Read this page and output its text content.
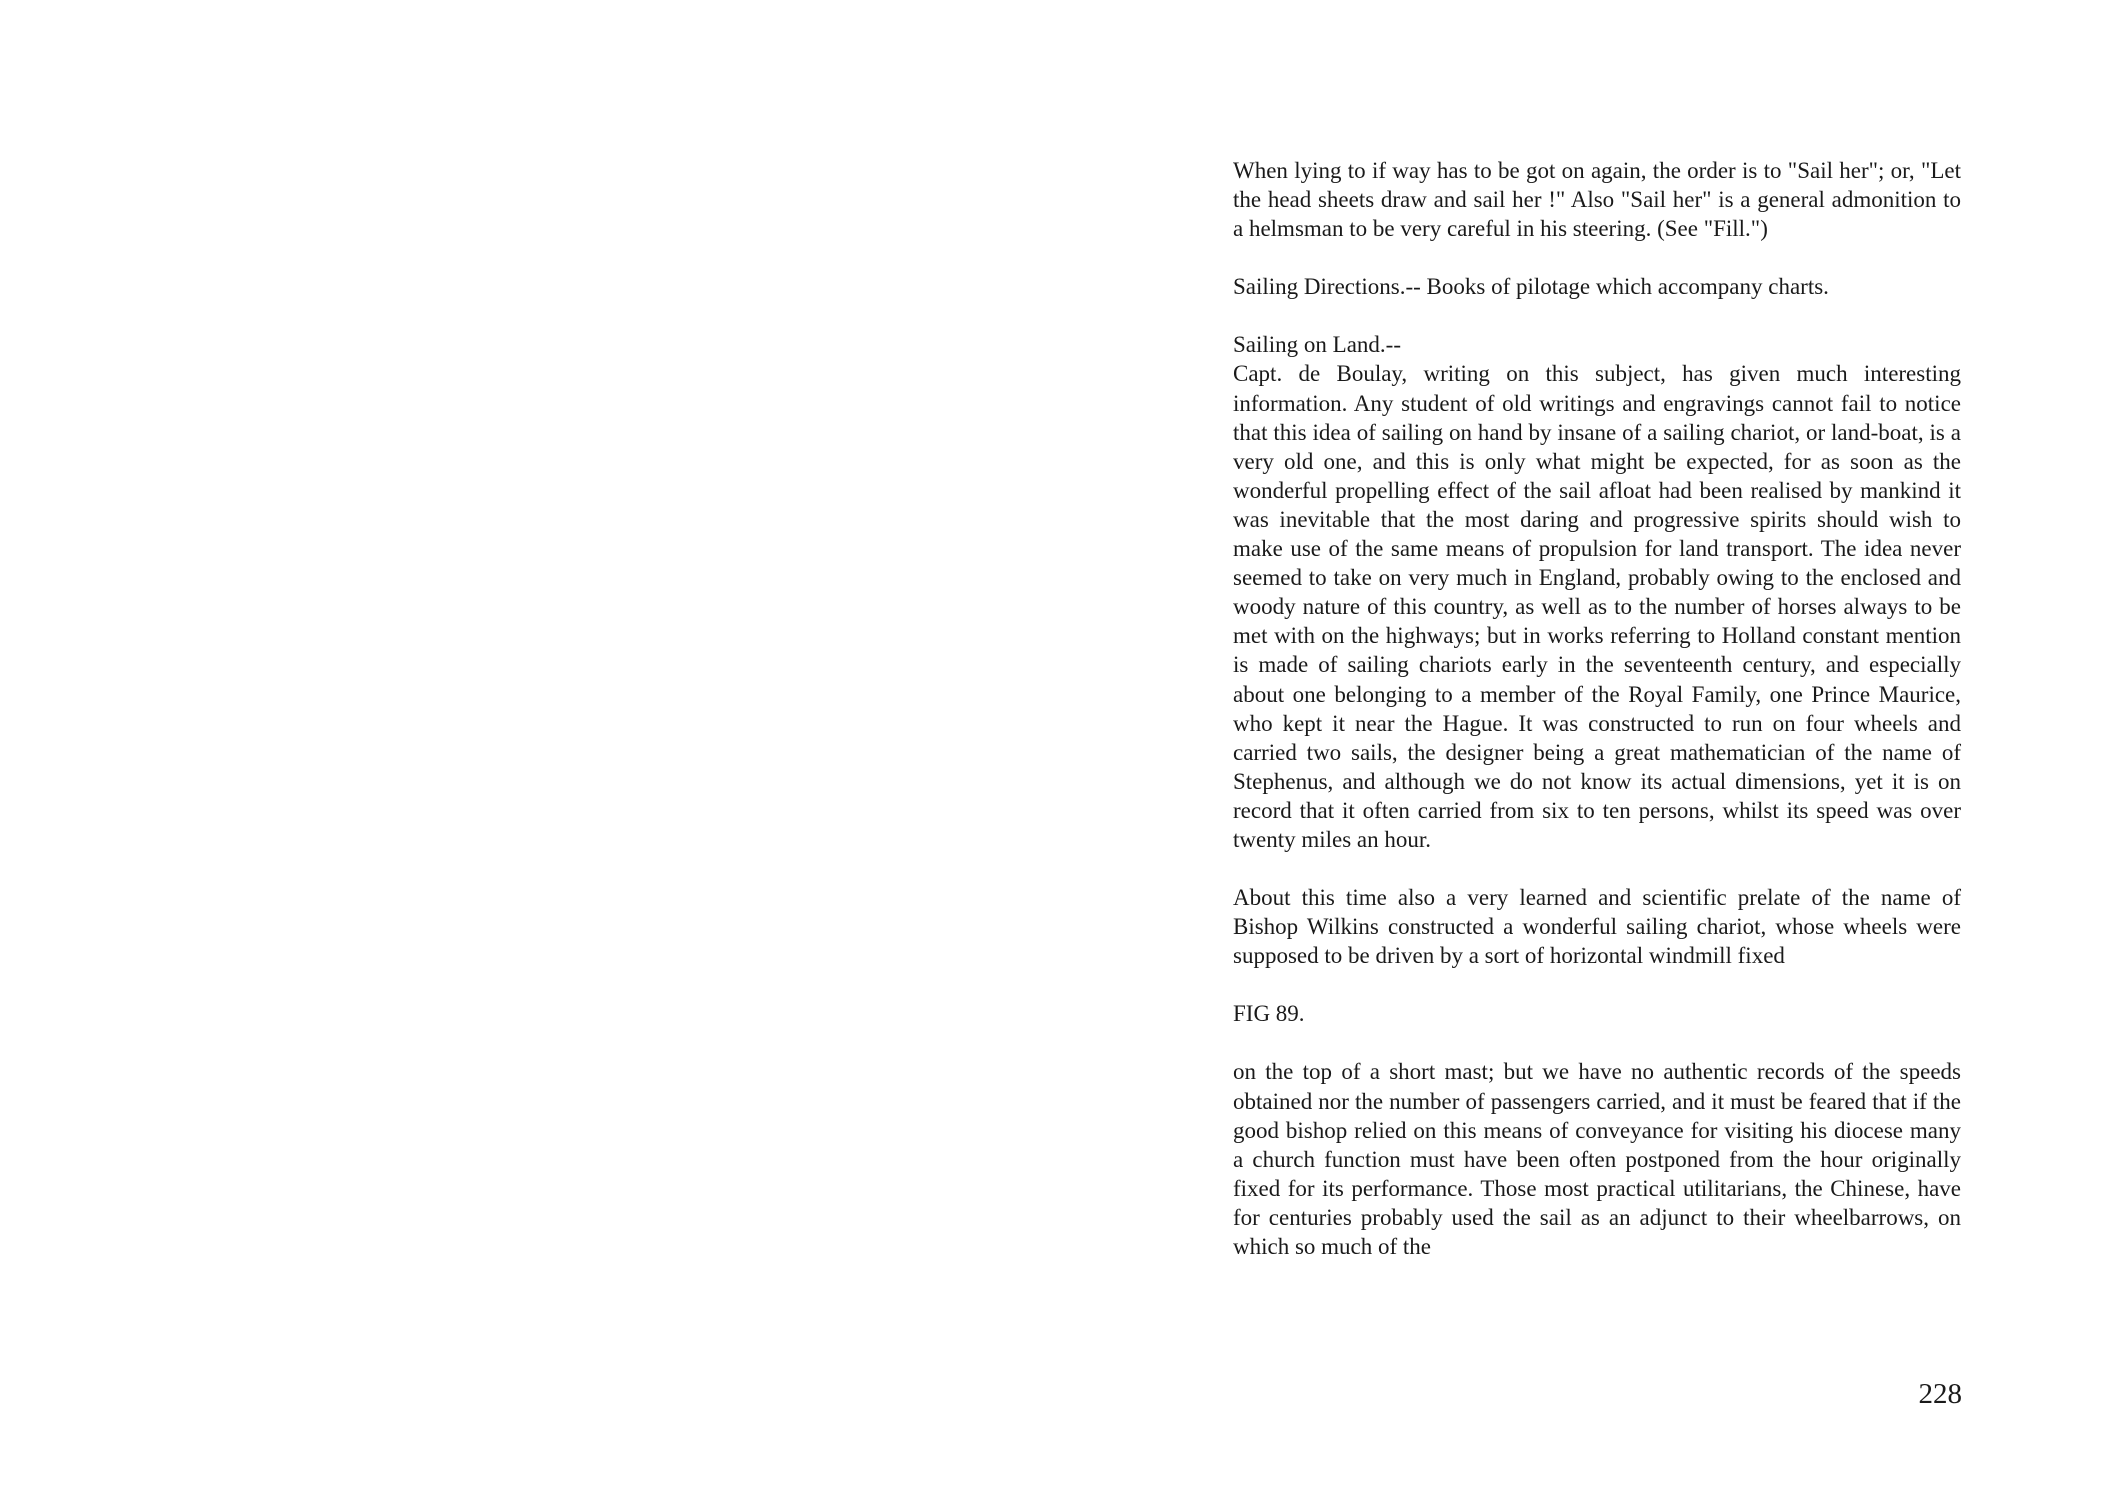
When lying to if way has to be got on again, the order is to "Sail her"; or, "Let the head sheets draw and sail her !" Also "Sail her" is a general admonition to a helmsman to be very careful in his steering. (See "Fill.")

Sailing Directions.-- Books of pilotage which accompany charts.

Sailing on Land.--

Capt. de Boulay, writing on this subject, has given much interesting information. Any student of old writings and engravings cannot fail to notice that this idea of sailing on hand by insane of a sailing chariot, or land-boat, is a very old one, and this is only what might be expected, for as soon as the wonderful propelling effect of the sail afloat had been realised by mankind it was inevitable that the most daring and progressive spirits should wish to make use of the same means of propulsion for land transport. The idea never seemed to take on very much in England, probably owing to the enclosed and woody nature of this country, as well as to the number of horses always to be met with on the highways; but in works referring to Holland constant mention is made of sailing chariots early in the seventeenth century, and especially about one belonging to a member of the Royal Family, one Prince Maurice, who kept it near the Hague. It was constructed to run on four wheels and carried two sails, the designer being a great mathematician of the name of Stephenus, and although we do not know its actual dimensions, yet it is on record that it often carried from six to ten persons, whilst its speed was over twenty miles an hour.

About this time also a very learned and scientific prelate of the name of Bishop Wilkins constructed a wonderful sailing chariot, whose wheels were supposed to be driven by a sort of horizontal windmill fixed

FIG 89.

on the top of a short mast; but we have no authentic records of the speeds obtained nor the number of passengers carried, and it must be feared that if the good bishop relied on this means of conveyance for visiting his diocese many a church function must have been often postponed from the hour originally fixed for its performance. Those most practical utilitarians, the Chinese, have for centuries probably used the sail as an adjunct to their wheelbarrows, on which so much of the

228
